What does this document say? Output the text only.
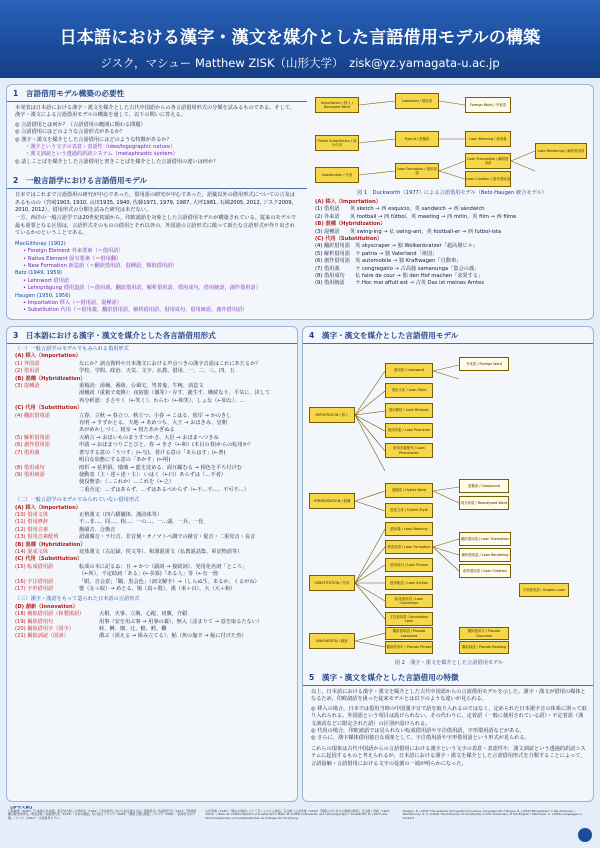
日本語における漢字・漢文を媒介とした言語借用モデルの構築
ジスク，マシュー Matthew ZISK（山形大学） zisk@yz.yamagata-u.ac.jp
1　言語借用モデル構築の必要性
本発表は日本語における漢字・漢文を媒介とした古代中国語からの各言語借用形式の分類を試みるものである。そして，漢字・漢文による言語借用モデルの構築を通して，以下の問いに答える。
◎ 言語借用とは何か？（言語借用の範囲に関わる問題）
◎ 言語借用にはどのような言語形式があるか？
◎ 漢字・漢文を媒介とした言語借用にはどのような特徴があるか？
・漢字という文字の表意・表語性（ideo/logographic nature）
・漢文訓読という透過的訳読システム（metaphrastic system）
◎ 話しことばを媒介とした言語借用と書きことばを媒介とした言語借用の違いは何か？
2　一般言語学における言語借用モデル
日本ではこれまで言語借用の研究が中心であった。借用語の研究が中心であった。語彙以外の借用形式についての言及はあるものの（宮崎1903, 1910, 山田1935, 1940, 佐藤1971, 1979, 1987, 大坪1981, 石綿2005, 2012, ジスク2009, 2010, 2012），借用形式の分類を試みた研究は未だない。
一方，西洋の一般言語学では20世紀初頭から，印欧諸語を対象とした言語借用モデルが構築されている。従来のモデルで最も重要となる区別は，言語形式そのものの借用とそれ以外の，外国語の言語形式に倣って新たな言語形式が作り出されているかのということである。
MacGillivray (1902)
• Foreign Element 外来要素（＝借用語）
• Native Element 固有要素（＝借用翻）
• New Formation 新造語（＝翻訳借用語，混種語，類似借用語）
Betz (1949, 1959)
• Lehnwort 借用語
• Lehnprägung 借用造語（＝借用義，翻訳借用語，解析借用語，借用成句，借用統語，創作借用語）
Haugen (1950, 1956)
• Importation 移入（＝借用語，混種語）
• Substitution 代用（＝借用義，翻訳借用語，解析借用語，借用成句，借用統語，創作借用語）
Importation / 移入 / Borrowed Word
Loanword / 借用語
Foreign Word / 外来語
Partial Substitution / 部分代用
Hybrid / 混種語
Substitution / 代用
Loan Formation / 借用造語
Loan Meaning / 借用義
Loan Translation / 翻訳借用語
Loan Creation / 創作借用語
Loan Rendering / 解析借用語
図 1　Duckworth（1977）による言語借用モデル（Betz-Haugen 統合モデル）
(A) 移入（Importation）
(1) 借用語　　英 sketch → 西 esquicio，英 sandwich → 西 sándwich
(2) 外来語　　英 football → 西 fútbol，英 meeting → 西 mitin，英 film → 西 filme
(B) 混種（Hybridization）
(3) 混種語　　英 swing-ing → 仏 swing-ant，英 football-er → 西 futbol-ista
(C) 代用（Substitution）
(4) 翻訳借用語　英 skyscraper → 独 Wolkenkratzer「超高層ビル」
(5) 解析借用語　ラ patria → 独 Vaterland「祖国」
(6) 創作借用語　英 automobile → 独 Kraftwagen「自動車」
(7) 借用義　　　ラ congregatio → 古高独 samanunga「集会の義」
(8) 借用成句　　仏 faire de cour → 独 den Hof machen「求愛する」
(9) 借用統語　　ラ Hoc mei affuit est → 古英 Das ist meines Amtes
3　日本語における漢字・漢文を媒介とした各言語借用形式
（一）一般言語学のモデルでもみられる借用形式
(A) 移入（Importation）
(1) 外国語	なにか？訓点資料や日本漢文における声点つきの漢字音語はこれにあたるか？
(2) 借用語	学校、学問、政治、天気、文字、仏教、借用、一、二、三、四、五
(B) 混種（Hybridization）
(3) 混種語	重箱読：湯桶、番組、台風宅、男善鬼、牛椀、消息文
湯桶読（重箱で変換）：夜宿旅（偶等）・存す、誕生す、継続なり、平気に、決して
再分析語：ささやく（←笑く）、わらわ（←和笑）、しょな（←始な）、…
(C) 代用（Substitution）
(4) 翻訳借用語	立春、立秋 → 春立つ、秋立つ；小春 → こはる、彼岸 → かのきし
有明 → すずかとる、天地 → あめつち、大王 → おほきみ、皇朝
あがめかしづく、寝室 → 寝たあかぎぬる
(5) 解析借用語	大納言 → おほいものまうすつかさ、大臣 → おほまへつきみ
(6) 創作借用語	申請 → おほまつりごとびと、春 → きさ（←和）(木目の春)からの転用か？
(7) 借用義	書写する意の「うつす」(←写)、着ける意の「あらはす」(←著)
明白な状態にする意の「あかす」(←明)
(8) 借用成句	雨折 → 花折損、瑠璃 → 藍を沈める、面互顧むる → 相色を平ち付けむ
(9) 借用統語	使動表（主・述＋述・主）：いはく（←曰）あらずは（…不者）
使役態表：（…これか）…これを（←之）
二重否定：…ずはあらず、…ずはあるべからず（←不…不…、不可不…）
（二）一般言語学のモデルでみられていない借用形式
(A) 移入（Importation）
(10) 借用文体	正格漢文（四六騈儷体、漢詩体等）
(11) 借用修辞	不…非…、同…、相…、一の…、一…頭、一兵、一化
(12) 借用音素	撥韻音、合拗音
(13) 借用音素配列	語頭濁音・ラ行音、非音便・オノマトペ調での撥音・促音・二重母音・長音
(B) 混種（Hybridization）
(14) 混成文体	変体漢文（古記録、侯文等）、和漢混淆文（仏教説話集、軍記物語等）
(C) 代用（Substitution）
(15) 転成借用語	転成の本に記るゐ：且 → かつ（副詞 → 接続詞）、発用化名詞「ところ」
（←所）、不定助詞「ある」(←多寡)「ある人」等（←有一箇
(16) 字注借用語	「眼、音会意」「鵝、黒会色」（訓文解字）→（しらぬ生、あるか、くるがね）
(17) 字形借用語	娶（女＋取）→ めとる、鴇（鳥＋殷）、漢（米＋百）、大（大＋和）
（三）漢字・漢語をもって造られた日本語の言語形式
(D) 創新（Innovation）
(18) 擬似借用語（和製漢語）	大根、火事、立腹、心配、切腹、介錯
(19) 擬似借用句	用事（安を用ぶ事 → 用事の義）、無入（詰まりて → 意を取るたない）
(20) 擬似借用字（国字）	峠、榊、畑、辻、鯰、鱈、働
(21) 擬似訓読（国訓）	淵ぶ（誤える → 組み立てる）、鮎（魚の塩辛 → 鮎に付けた魚）
4　漢字・漢文を媒介とした言語借用モデル
IMPORTATION / 移入
借用語 / Loanword
外来語 / Foreign Word
借用文体 / Loan Style
借用修辞 / Loan Rhetoric
借用音素 / Loan Phoneme
借用音素配列 / Loan Phonotactic
HYBRIDIZATION / 混種
混種語 / Hybrid Word
混成文体 / Hybrid Style
混種語 / Compound
再分析語 / Reanalyzed Word
SUBSTITUTION / 代用
借用義 / Loan Meaning
借用造語 / Loan Formation
翻訳借用語 / Loan Translation
解析借用語 / Loan Rendering
創作借用語 / Loan Creation
借用成句 / Loan Phrase
借用統語 / Loan Syntax
転成借用語 / Loan Conversion
字注借用語 / Annotation Loan
字形借用語 / Graphic Loan
INNOVATION / 創新
擬似借用語 / Pseudo Loanword
擬似借用句 / Pseudo Phrase
擬似借用字 / Pseudo Character
擬似訓読 / Pseudo Reading
図 2　漢字・漢文を媒介とした言語借用モデル
5　漢字・漢文を媒介とした言語借用の特徴
以上，日本語における漢字・漢文を媒介とした古代中国語からの言語借用モデルを示した。漢字・漢文が借用の媒体となるため，印欧諸語を扱った従来モデルとは以下のような違いが見られる。
◎ 移入の場合，日本では借用当時の中国漢字音で語を取り入れるのではなく，定められた日本漢字音の体系に則って取り入れられる。外国語という項目は設けられない。その代わりに，定着語（一般に使用されている語）・不定着語（漢文訓読などに限定された語）の区別が設けられる。
◎ 代用の場合，印欧諸語では見られない転成借用語や字注借用語，字形借用語などがある。
◎ さらに，漢字媒体借用独自な現象として，字注借用語や字形借用語という形式が見られる。
これらの現象は古代中国語からの言語借用における漢字という文字の表意・表語性や，漢文訓読という透過的訳読システムに起因するものと考えられるが，日本語における漢字・漢文を媒介とした言語借用形式を分類することによって，言語接触・言語借用における文字の役割の一端が明らかになった。
【参考文献】
石綿敏雄（2005）『日本語の外来語』東京堂出版 / 大坪併治（1981）『平安時代における訓点語の文法』風間書房 / 佐藤喜代治（1971）『国語語彙の歴史的研究』明治書院 / 佐藤喜代治（1979）『日本の漢語』角川書店 / ジスク（2009）「漢語と漢文訓読」/ ジスク（2010）「借用形式の分類」/ ジスク（2012）「言語借用モデル」
山田孝雄（1935）『漢文の訓読によりて伝へられたる語法』宝文館 / 山田孝雄（1940）『国語の中に於ける漢語の研究』宝文館 / 宮崎（1903, 1910） / Betz, W. (1949) Deutsch und Lateinisch / Betz, W. (1959) Lehnwörter und Lehnprägungen / Duckworth, D. (1977) Zur terminologischen und systematischen Grundlage der Forschung
Haugen, E. (1950) The analysis of linguistic borrowing. Language 26 / Haugen, E. (1956) Bilingualism in the Americas / MacGillivray, H. S. (1902) The Influence of Christianity on the Vocabulary of Old English / Weinreich, U. (1953) Languages in Contact
